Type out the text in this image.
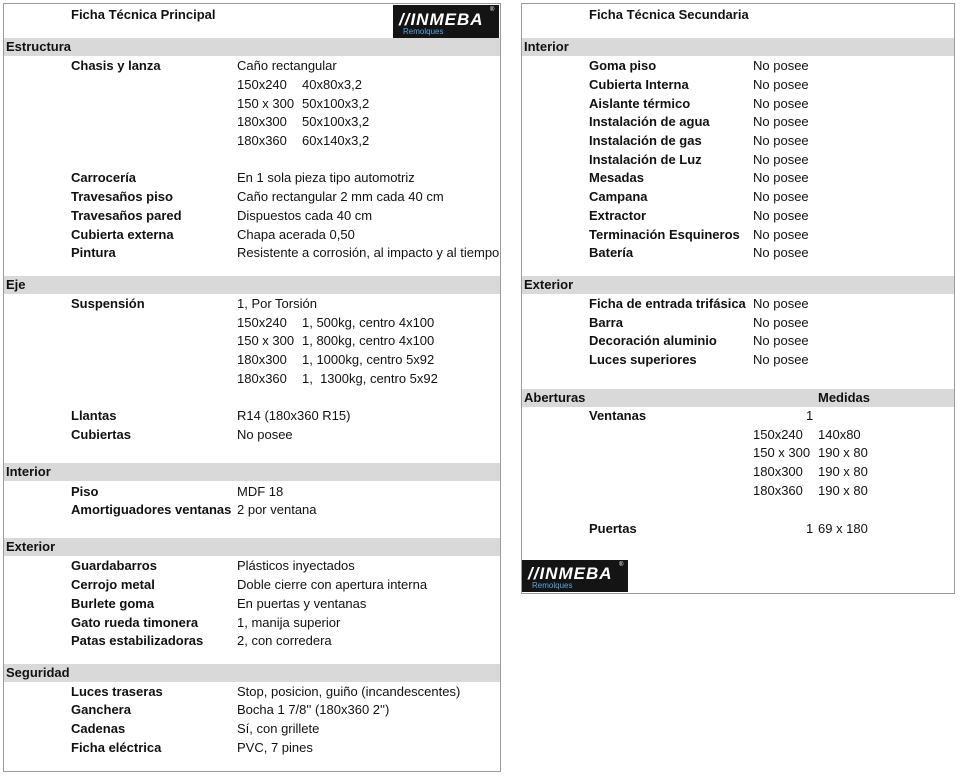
Ficha Técnica Principal	//INMEBA ®
Remolques
Estructura
Chasis y lanza	Caño rectangular
150x240 40x80x3,2
150 x 300 50x100x3,2
180x300 50x100x3,2
180x360 60x140x3,2
Carrocería	En 1 sola pieza tipo automotriz
Travesaños piso	Caño rectangular 2 mm cada 40 cm
Travesaños pared	Dispuestos cada 40 cm
Cubierta externa	Chapa acerada 0,50
Pintura	Resistente a corrosión, al impacto y al tiempo
Eje
Suspensión	1, Por Torsión
150x240 1, 500kg, centro 4x100
150 x 300 1, 800kg, centro 4x100
180x300 1, 1000kg, centro 5x92
180x360 1,  1300kg, centro 5x92
Llantas	R14 (180x360 R15)
Cubiertas	No posee
Interior
Piso	MDF 18
Amortiguadores ventanas 2 por ventana
Exterior
Guardabarros	Plásticos inyectados
Cerrojo metal	Doble cierre con apertura interna
Burlete goma	En puertas y ventanas
Gato rueda timonera	1, manija superior
Patas estabilizadoras	2, con corredera
Seguridad
Luces traseras	Stop, posicion, guiño (incandescentes)
Ganchera	Bocha 1 7/8'' (180x360 2'')
Cadenas	Sí, con grillete
Ficha eléctrica	PVC, 7 pines
Ficha Técnica Secundaria
Interior
Goma piso	No posee
Cubierta Interna	No posee
Aislante térmico	No posee
Instalación de agua	No posee
Instalación de gas	No posee
Instalación de Luz	No posee
Mesadas	No posee
Campana	No posee
Extractor	No posee
Terminación Esquineros No posee
Batería	No posee
Exterior
Ficha de entrada trifásica No posee
Barra	No posee
Decoración aluminio	No posee
Luces superiores	No posee
Aberturas	Medidas
Ventanas	1
150x240 140x80
150 x 300 190 x 80
180x300 190 x 80
180x360 190 x 80
Puertas	1 69 x 180
//INMEBA ®
Remolques
